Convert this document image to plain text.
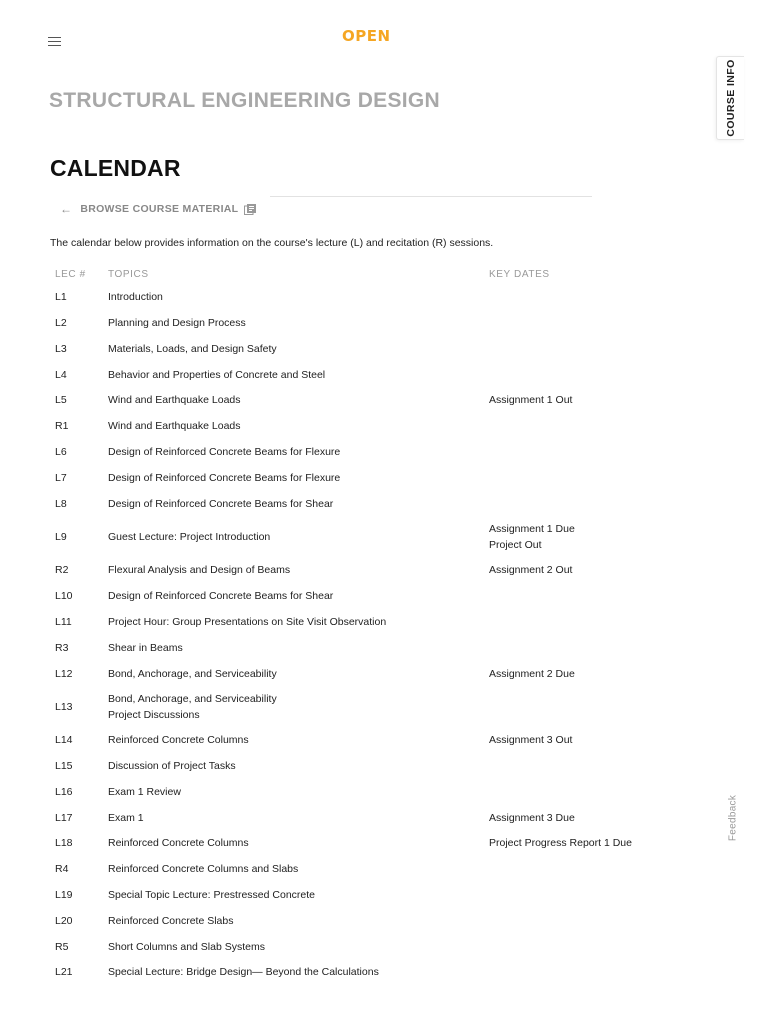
OPEN
COURSE INFO
Feedback
STRUCTURAL ENGINEERING DESIGN
CALENDAR
← BROWSE COURSE MATERIAL

The calendar below provides information on the course's lecture (L) and recitation (R) sessions.

LEC #	TOPICS	KEY DATES
L1	Introduction	

L2	Planning and Design Process	

L3	Materials, Loads, and Design Safety	

L4	Behavior and Properties of Concrete and Steel	

L5	Wind and Earthquake Loads	Assignment 1 Out

R1	Wind and Earthquake Loads	

L6	Design of Reinforced Concrete Beams for Flexure	

L7	Design of Reinforced Concrete Beams for Flexure	

L8	Design of Reinforced Concrete Beams for Shear	

L9	Guest Lecture: Project Introduction	Assignment 1 Due
Project Out

R2	Flexural Analysis and Design of Beams	Assignment 2 Out

L10	Design of Reinforced Concrete Beams for Shear	

L11	Project Hour: Group Presentations on Site Visit Observation	

R3	Shear in Beams	

L12	Bond, Anchorage, and Serviceability	Assignment 2 Due

L13	Bond, Anchorage, and Serviceability
Project Discussions	

L14	Reinforced Concrete Columns	Assignment 3 Out

L15	Discussion of Project Tasks	

L16	Exam 1 Review	

L17	Exam 1	Assignment 3 Due

L18	Reinforced Concrete Columns	Project Progress Report 1 Due

R4	Reinforced Concrete Columns and Slabs	

L19	Special Topic Lecture: Prestressed Concrete	

L20	Reinforced Concrete Slabs	

R5	Short Columns and Slab Systems	

L21	Special Lecture: Bridge Design— Beyond the Calculations	
